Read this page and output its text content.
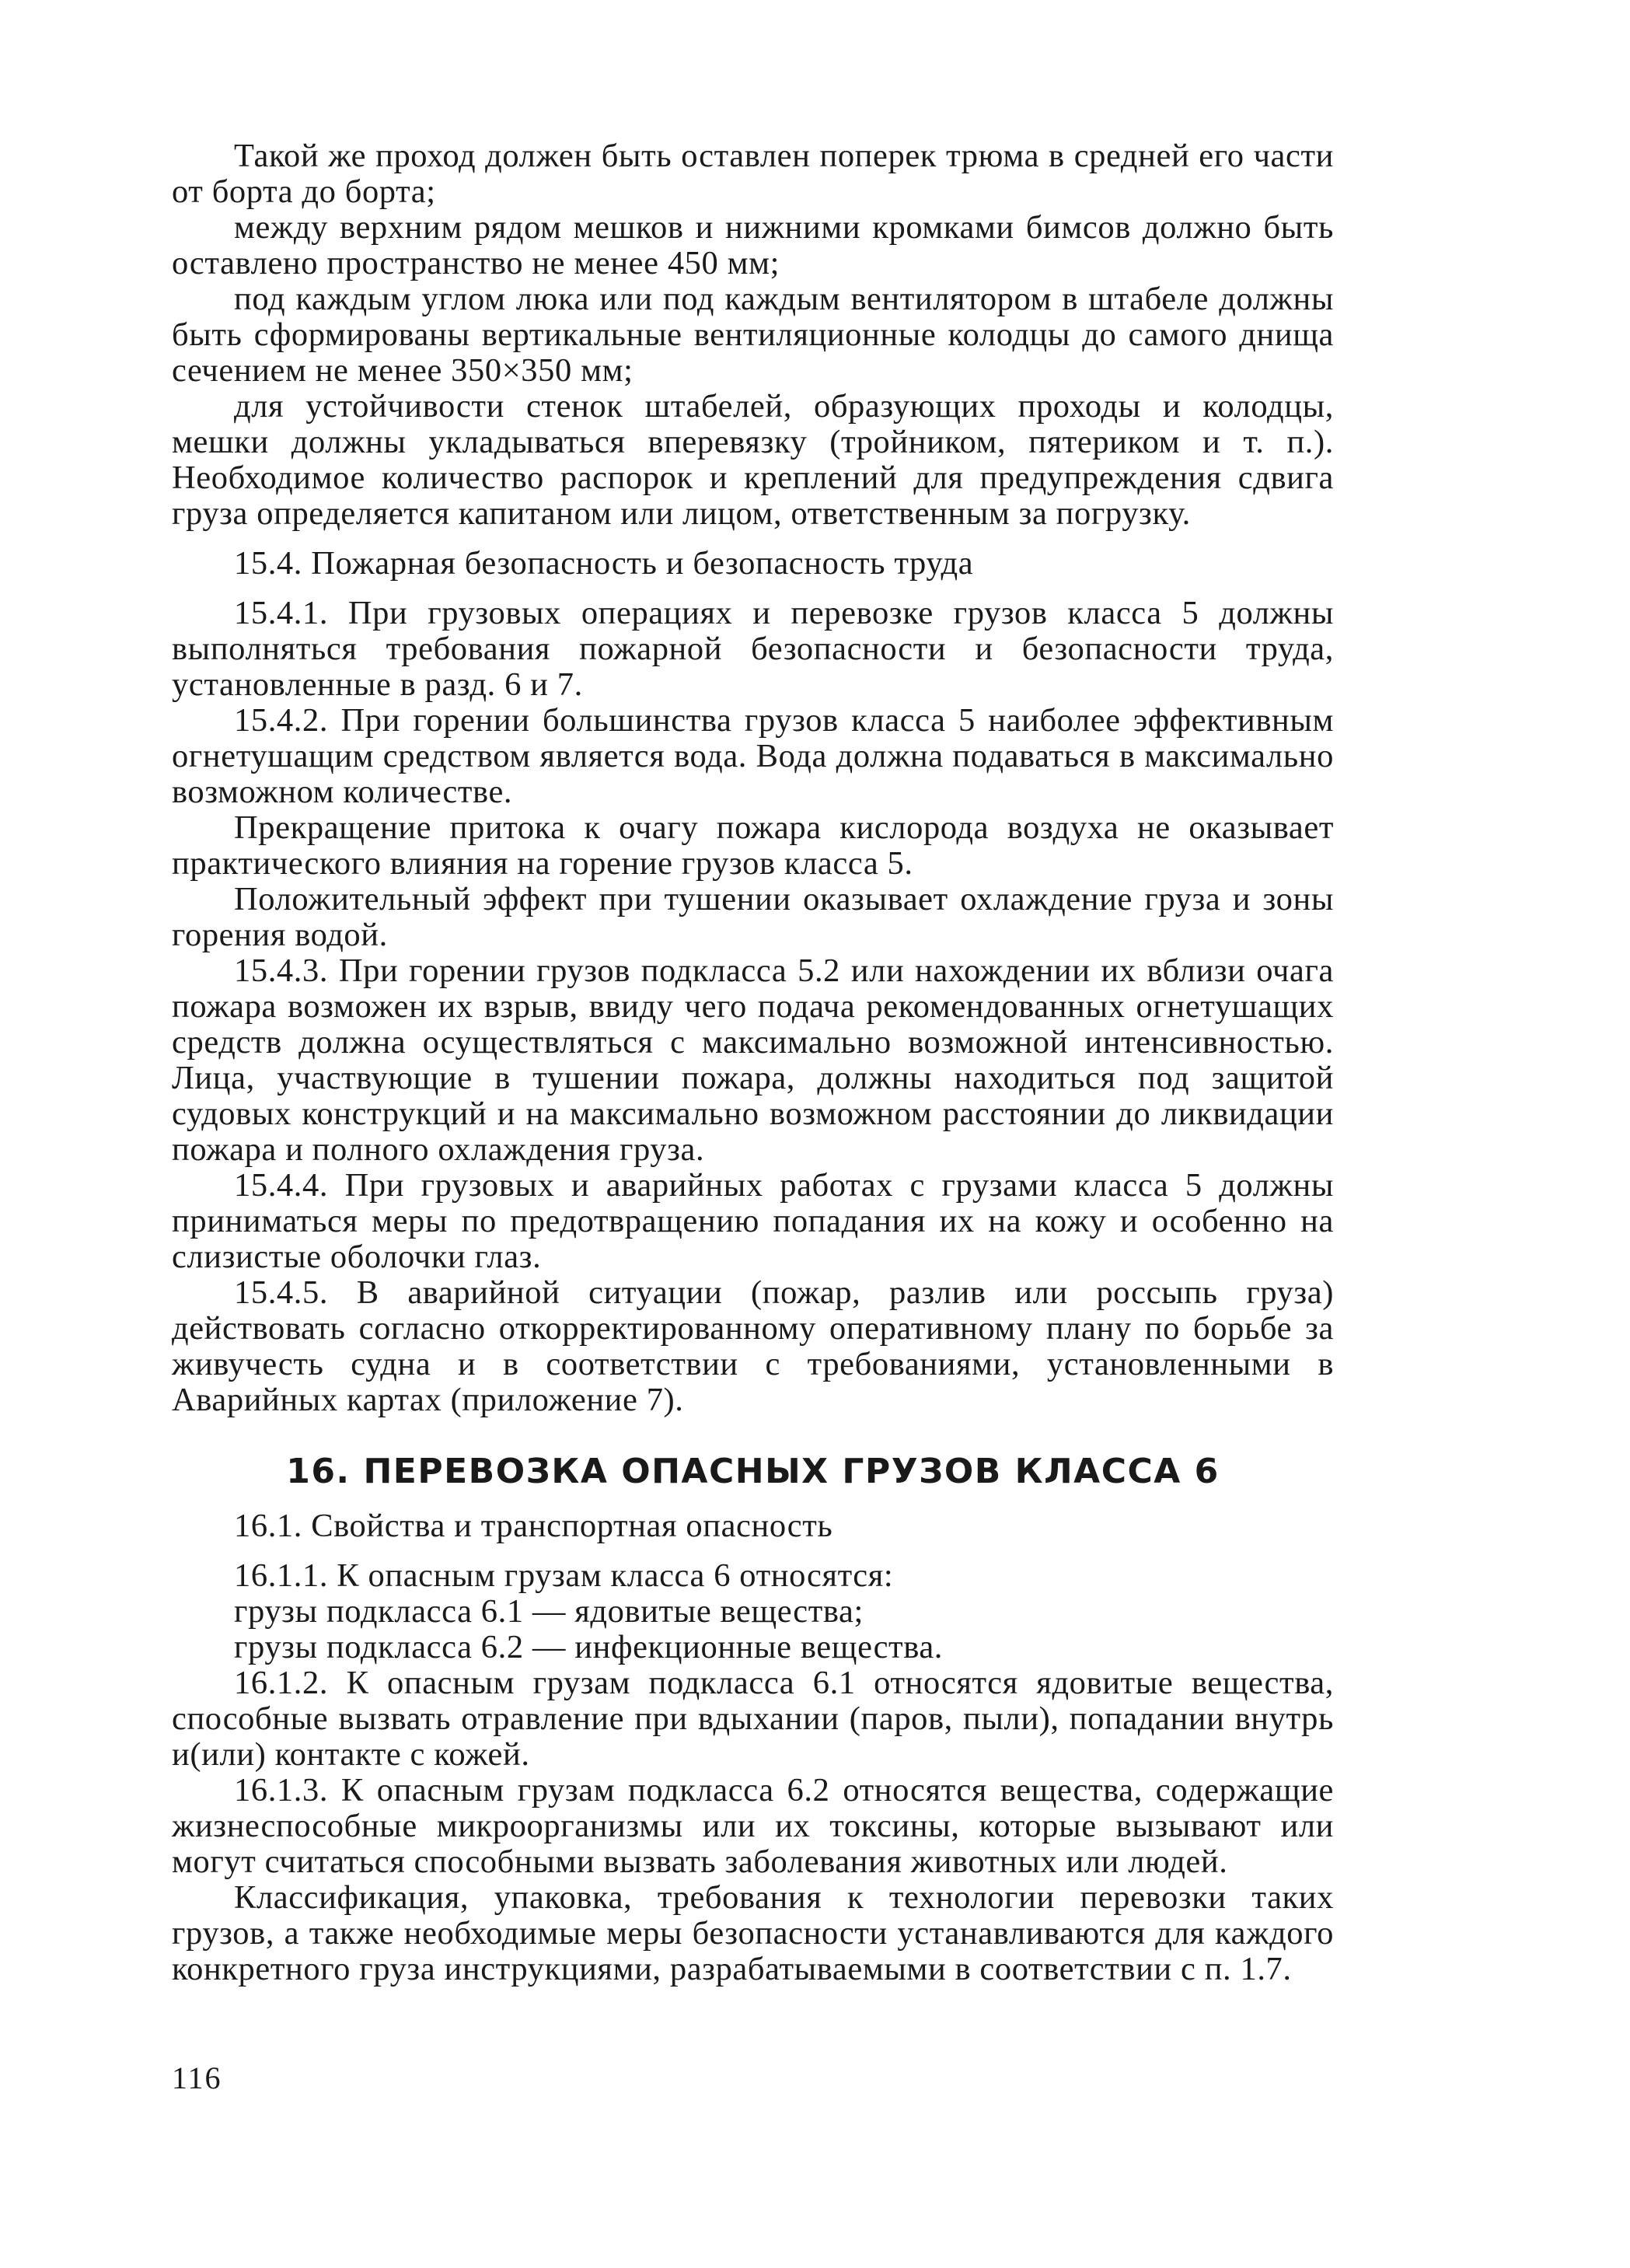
Такой же проход должен быть оставлен поперек трюма в средней его части от борта до борта;

между верхним рядом мешков и нижними кромками бимсов должно быть оставлено пространство не менее 450 мм;

под каждым углом люка или под каждым вентилятором в штабеле должны быть сформированы вертикальные вентиляционные колодцы до самого днища сечением не менее 350×350 мм;

для устойчивости стенок штабелей, образующих проходы и колодцы, мешки должны укладываться вперевязку (тройником, пятериком и т. п.). Необходимое количество распорок и креплений для предупреждения сдвига груза определяется капитаном или лицом, ответственным за погрузку.

15.4. Пожарная безопасность и безопасность труда

15.4.1. При грузовых операциях и перевозке грузов класса 5 должны выполняться требования пожарной безопасности и безопасности труда, установленные в разд. 6 и 7.

15.4.2. При горении большинства грузов класса 5 наиболее эффективным огнетушащим средством является вода. Вода должна подаваться в максимально возможном количестве.

Прекращение притока к очагу пожара кислорода воздуха не оказывает практического влияния на горение грузов класса 5.

Положительный эффект при тушении оказывает охлаждение груза и зоны горения водой.

15.4.3. При горении грузов подкласса 5.2 или нахождении их вблизи очага пожара возможен их взрыв, ввиду чего подача рекомендованных огнетушащих средств должна осуществляться с максимально возможной интенсивностью. Лица, участвующие в тушении пожара, должны находиться под защитой судовых конструкций и на максимально возможном расстоянии до ликвидации пожара и полного охлаждения груза.

15.4.4. При грузовых и аварийных работах с грузами класса 5 должны приниматься меры по предотвращению попадания их на кожу и особенно на слизистые оболочки глаз.

15.4.5. В аварийной ситуации (пожар, разлив или россыпь груза) действовать согласно откорректированному оперативному плану по борьбе за живучесть судна и в соответствии с требованиями, установленными в Аварийных картах (приложение 7).

16. ПЕРЕВОЗКА ОПАСНЫХ ГРУЗОВ КЛАССА 6
16.1. Свойства и транспортная опасность

16.1.1. К опасным грузам класса 6 относятся:

грузы подкласса 6.1 — ядовитые вещества;

грузы подкласса 6.2 — инфекционные вещества.

16.1.2. К опасным грузам подкласса 6.1 относятся ядовитые вещества, способные вызвать отравление при вдыхании (паров, пыли), попадании внутрь и(или) контакте с кожей.

16.1.3. К опасным грузам подкласса 6.2 относятся вещества, содержащие жизнеспособные микроорганизмы или их токсины, которые вызывают или могут считаться способными вызвать заболевания животных или людей.

Классификация, упаковка, требования к технологии перевозки таких грузов, а также необходимые меры безопасности устанавливаются для каждого конкретного груза инструкциями, разрабатываемыми в соответствии с п. 1.7.

116
